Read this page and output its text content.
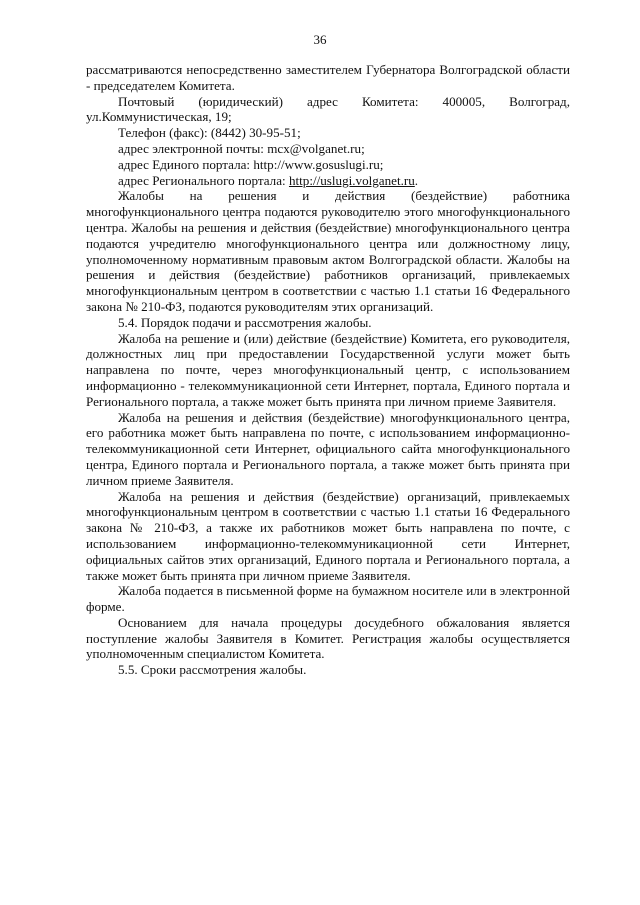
36

рассматриваются непосредственно заместителем Губернатора Волгоградской области - председателем Комитета.

Почтовый (юридический) адрес Комитета: 400005, Волгоград, ул.Коммунистическая, 19;

Телефон (факс): (8442) 30-95-51;

адрес электронной почты: mcx@volganet.ru;

адрес Единого портала: http://www.gosuslugi.ru;

адрес Регионального портала: http://uslugi.volganet.ru.

Жалобы на решения и действия (бездействие) работника многофункционального центра подаются руководителю этого многофункционального центра. Жалобы на решения и действия (бездействие) многофункционального центра подаются учредителю многофункционального центра или должностному лицу, уполномоченному нормативным правовым актом Волгоградской области. Жалобы на решения и действия (бездействие) работников организаций, привлекаемых многофункциональным центром в соответствии с частью 1.1 статьи 16 Федерального закона № 210-ФЗ, подаются руководителям этих организаций.

5.4. Порядок подачи и рассмотрения жалобы.

Жалоба на решение и (или) действие (бездействие) Комитета, его руководителя, должностных лиц при предоставлении Государственной услуги может быть направлена по почте, через многофункциональный центр, с использованием информационно - телекоммуникационной сети Интернет, портала, Единого портала и Регионального портала, а также может быть принята при личном приеме Заявителя.

Жалоба на решения и действия (бездействие) многофункционального центра, его работника может быть направлена по почте, с использованием информационно-телекоммуникационной сети Интернет, официального сайта многофункционального центра, Единого портала и Регионального портала, а также может быть принята при личном приеме Заявителя.

Жалоба на решения и действия (бездействие) организаций, привлекаемых многофункциональным центром в соответствии с частью 1.1 статьи 16 Федерального закона № 210-ФЗ, а также их работников может быть направлена по почте, с использованием информационно-телекоммуникационной сети Интернет, официальных сайтов этих организаций, Единого портала и Регионального портала, а также может быть принята при личном приеме Заявителя.

Жалоба подается в письменной форме на бумажном носителе или в электронной форме.

Основанием для начала процедуры досудебного обжалования является поступление жалобы Заявителя в Комитет. Регистрация жалобы осуществляется уполномоченным специалистом Комитета.

5.5. Сроки рассмотрения жалобы.
